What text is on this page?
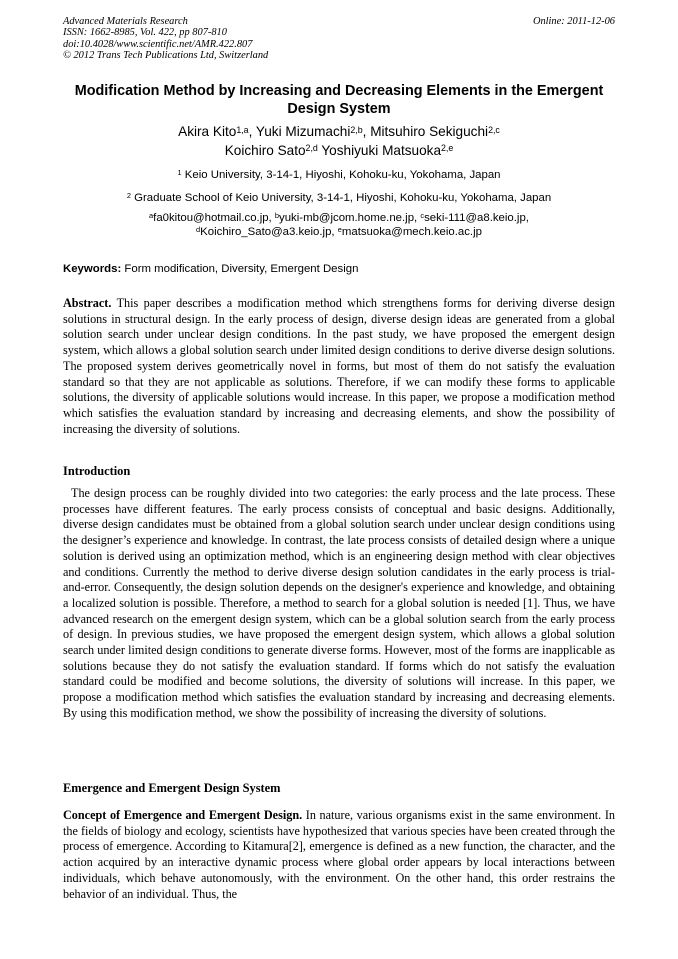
Advanced Materials Research
ISSN: 1662-8985, Vol. 422, pp 807-810
doi:10.4028/www.scientific.net/AMR.422.807
© 2012 Trans Tech Publications Ltd, Switzerland
Online: 2011-12-06
Modification Method by Increasing and Decreasing Elements in the Emergent Design System
Akira Kito$^{1,a}$, Yuki Mizumachi$^{2,b}$, Mitsuhiro Sekiguchi$^{2,c}$
Koichiro Sato$^{2,d}$ Yoshiyuki Matsuoka$^{2,e}$
$^1$ Keio University, 3-14-1, Hiyoshi, Kohoku-ku, Yokohama, Japan
$^2$ Graduate School of Keio University, 3-14-1, Hiyoshi, Kohoku-ku, Yokohama, Japan
$^a$fa0kitou@hotmail.co.jp, $^b$yuki-mb@jcom.home.ne.jp, $^c$seki-111@a8.keio.jp,
$^d$Koichiro_Sato@a3.keio.jp, $^e$matsuoka@mech.keio.ac.jp
Keywords: Form modification, Diversity, Emergent Design
Abstract. This paper describes a modification method which strengthens forms for deriving diverse design solutions in structural design. In the early process of design, diverse design ideas are generated from a global solution search under unclear design conditions. In the past study, we have proposed the emergent design system, which allows a global solution search under limited design conditions to derive diverse design solutions. The proposed system derives geometrically novel in forms, but most of them do not satisfy the evaluation standard so that they are not applicable as solutions. Therefore, if we can modify these forms to applicable solutions, the diversity of applicable solutions would increase. In this paper, we propose a modification method which satisfies the evaluation standard by increasing and decreasing elements, and show the possibility of increasing the diversity of solutions.
Introduction
The design process can be roughly divided into two categories: the early process and the late process. These processes have different features. The early process consists of conceptual and basic designs. Additionally, diverse design candidates must be obtained from a global solution search under unclear design conditions using the designer’s experience and knowledge. In contrast, the late process consists of detailed design where a unique solution is derived using an optimization method, which is an engineering design method with clear objectives and conditions. Currently the method to derive diverse design solution candidates in the early process is trial-and-error. Consequently, the design solution depends on the designer's experience and knowledge, and obtaining a localized solution is possible. Therefore, a method to search for a global solution is needed [1]. Thus, we have advanced research on the emergent design system, which can be a global solution search from the early process of design. In previous studies, we have proposed the emergent design system, which allows a global solution search under limited design conditions to generate diverse forms. However, most of the forms are inapplicable as solutions because they do not satisfy the evaluation standard. If forms which do not satisfy the evaluation standard could be modified and become solutions, the diversity of solutions will increase. In this paper, we propose a modification method which satisfies the evaluation standard by increasing and decreasing elements. By using this modification method, we show the possibility of increasing the diversity of solutions.
Emergence and Emergent Design System
Concept of Emergence and Emergent Design. In nature, various organisms exist in the same environment. In the fields of biology and ecology, scientists have hypothesized that various species have been created through the process of emergence. According to Kitamura[2], emergence is defined as a new function, the character, and the action acquired by an interactive dynamic process where global order appears by local interactions between individuals, which behave autonomously, with the environment. On the other hand, this order restrains the behavior of an individual. Thus, the
